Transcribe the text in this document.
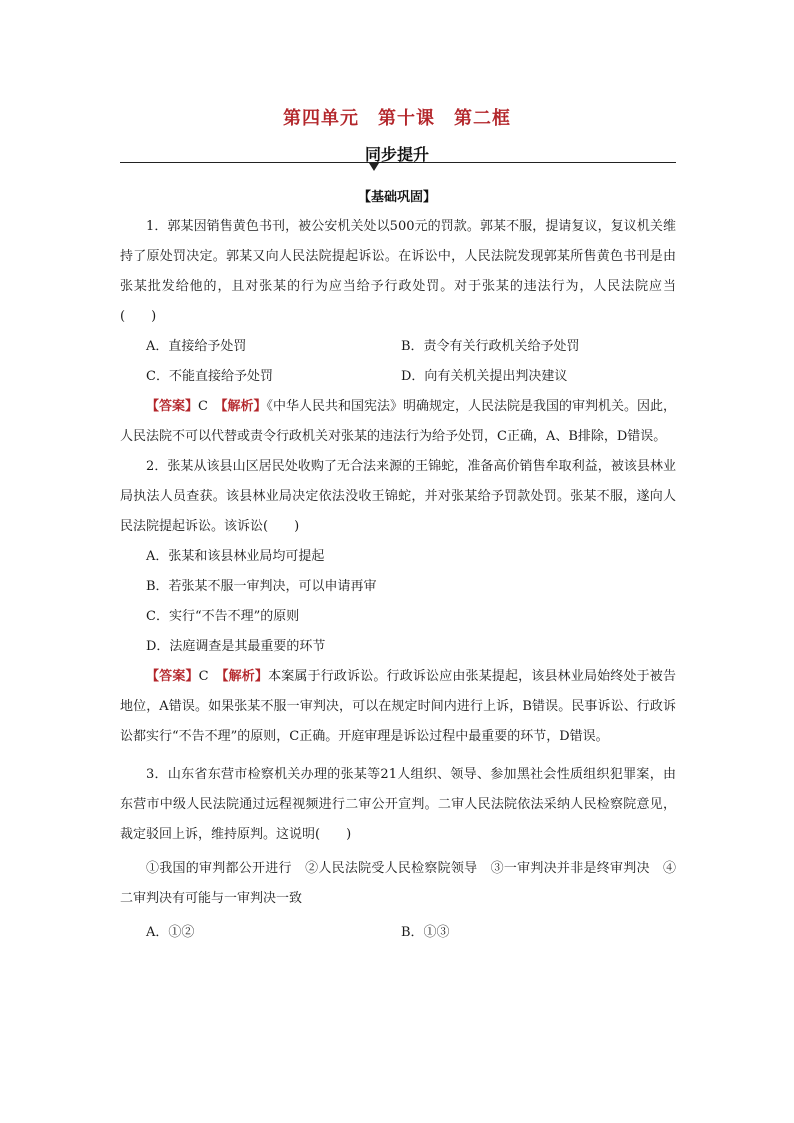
第四单元　第十课　第二框
同步提升
【基础巩固】

1．郭某因销售黄色书刊，被公安机关处以500元的罚款。郭某不服，提请复议，复议机关维持了原处罚决定。郭某又向人民法院提起诉讼。在诉讼中，人民法院发现郭某所售黄色书刊是由张某批发给他的，且对张某的行为应当给予行政处罚。对于张某的违法行为，人民法院应当(　　)

A．直接给予处罚	B．责令有关行政机关给予处罚
C．不能直接给予处罚	D．向有关机关提出判决建议

【答案】C　 【解析】《中华人民共和国宪法》明确规定，人民法院是我国的审判机关。因此，人民法院不可以代替或责令行政机关对张某的违法行为给予处罚，C正确，A、B排除，D错误。

2．张某从该县山区居民处收购了无合法来源的王锦蛇，准备高价销售牟取利益，被该县林业局执法人员查获。该县林业局决定依法没收王锦蛇，并对张某给予罚款处罚。张某不服，遂向人民法院提起诉讼。该诉讼(　　)

A．张某和该县林业局均可提起

B．若张某不服一审判决，可以申请再审

C．实行“不告不理”的原则

D．法庭调查是其最重要的环节

【答案】C　 【解析】本案属于行政诉讼。行政诉讼应由张某提起，该县林业局始终处于被告地位，A错误。如果张某不服一审判决，可以在规定时间内进行上诉，B错误。民事诉讼、行政诉讼都实行“不告不理”的原则，C正确。开庭审理是诉讼过程中最重要的环节，D错误。

3．山东省东营市检察机关办理的张某等21人组织、领导、参加黑社会性质组织犯罪案，由东营市中级人民法院通过远程视频进行二审公开宣判。二审人民法院依法采纳人民检察院意见，裁定驳回上诉，维持原判。这说明(　　)

①我国的审判都公开进行　②人民法院受人民检察院领导　③一审判决并非是终审判决　④二审判决有可能与一审判决一致

A．①②	B．①③
